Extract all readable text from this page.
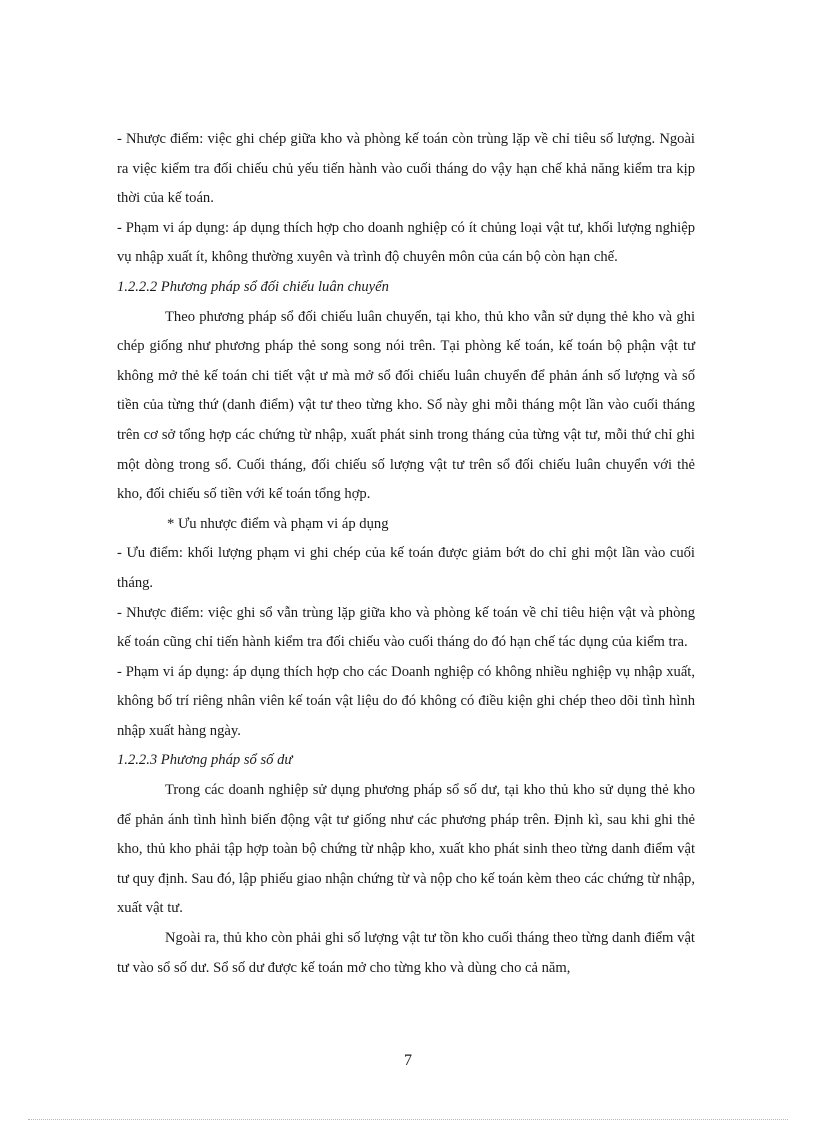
- Nhược điểm: việc ghi chép giữa kho và phòng kế toán còn trùng lặp về chỉ tiêu số lượng. Ngoài ra việc kiểm tra đối chiếu chủ yếu tiến hành vào cuối tháng do vậy hạn chế khả năng kiểm tra kịp thời của kế toán.

- Phạm vi áp dụng: áp dụng thích hợp cho doanh nghiệp có ít chủng loại vật tư, khối lượng nghiệp vụ nhập xuất ít, không thường xuyên và trình độ chuyên môn của cán bộ còn hạn chế.

1.2.2.2 Phương pháp sổ đối chiếu luân chuyển

Theo phương pháp sổ đối chiếu luân chuyển, tại kho, thủ kho vẫn sử dụng thẻ kho và ghi chép giống như phương pháp thẻ song song nói trên. Tại phòng kế toán, kế toán bộ phận vật tư không mở thẻ kế toán chi tiết vật ư mà mở sổ đối chiếu luân chuyển để phản ánh số lượng và số tiền của từng thứ (danh điểm) vật tư theo từng kho. Sổ này ghi mỗi tháng một lần vào cuối tháng trên cơ sở tổng hợp các chứng từ nhập, xuất phát sinh trong tháng của từng vật tư, mỗi thứ chỉ ghi một dòng trong sổ. Cuối tháng, đối chiếu số lượng vật tư trên sổ đối chiếu luân chuyển với thẻ kho, đối chiếu số tiền với kế toán tổng hợp.

* Ưu nhược điểm và phạm vi áp dụng

- Ưu điểm: khối lượng phạm vi ghi chép của kế toán được giảm bớt do chỉ ghi một lần vào cuối tháng.

- Nhược điểm: việc ghi sổ vẫn trùng lặp giữa kho và phòng kế toán về chỉ tiêu hiện vật và phòng kế toán cũng chỉ tiến hành kiểm tra đối chiếu vào cuối tháng do đó hạn chế tác dụng của kiểm tra.

- Phạm vi áp dụng: áp dụng thích hợp cho các Doanh nghiệp có không nhiều nghiệp vụ nhập xuất, không bố trí riêng nhân viên kế toán vật liệu do đó không có điều kiện ghi chép theo dõi tình hình nhập xuất hàng ngày.

1.2.2.3 Phương pháp sổ số dư

Trong các doanh nghiệp sử dụng phương pháp sổ số dư, tại kho thủ kho sử dụng thẻ kho để phản ánh tình hình biến động vật tư giống như các phương pháp trên. Định kì, sau khi ghi thẻ kho, thủ kho phải tập hợp toàn bộ chứng từ nhập kho, xuất kho phát sinh theo từng danh điểm vật tư quy định. Sau đó, lập phiếu giao nhận chứng từ và nộp cho kế toán kèm theo các chứng từ nhập, xuất vật tư.

Ngoài ra, thủ kho còn phải ghi số lượng vật tư tồn kho cuối tháng theo từng danh điểm vật tư vào sổ số dư. Sổ số dư được kế toán mở cho từng kho và dùng cho cả năm,

7
